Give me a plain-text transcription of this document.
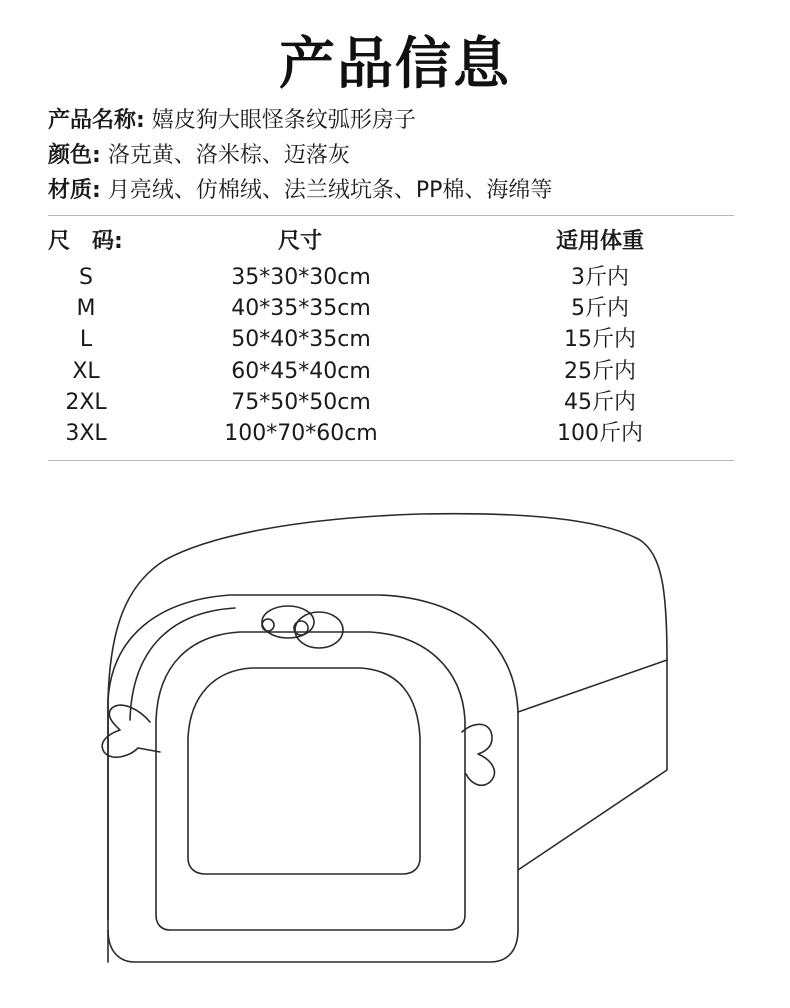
产品信息
产品名称: 嬉皮狗大眼怪条纹弧形房子
颜色: 洛克黄、洛米棕、迈落灰
材质: 月亮绒、仿棉绒、法兰绒坑条、PP棉、海绵等
尺　码:	尺寸	适用体重
S	35*30*30cm	3斤内
M	40*35*35cm	5斤内
L	50*40*35cm	15斤内
XL	60*45*40cm	25斤内
2XL	75*50*50cm	45斤内
3XL	100*70*60cm	100斤内
